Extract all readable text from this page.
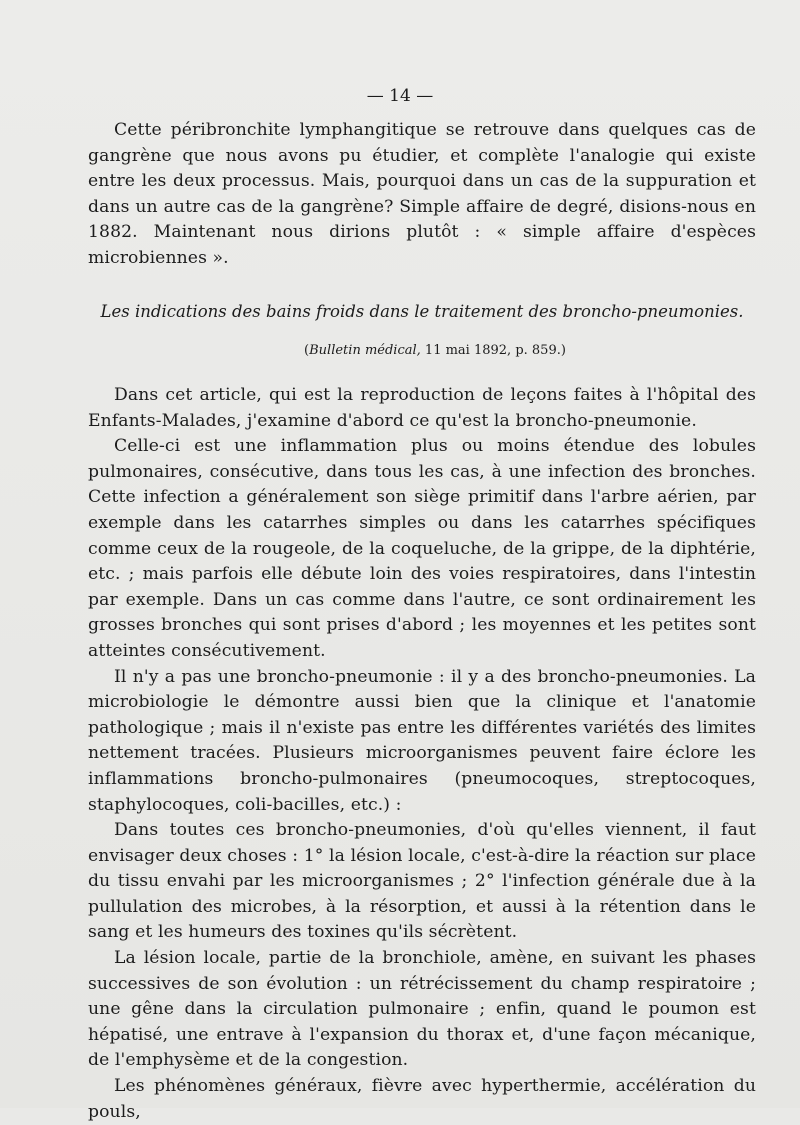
— 14 —

Cette péribronchite lymphangitique se retrouve dans quelques cas de gangrène que nous avons pu étudier, et complète l'analogie qui existe entre les deux processus. Mais, pourquoi dans un cas de la suppuration et dans un autre cas de la gangrène? Simple affaire de degré, disions-nous en 1882. Maintenant nous dirions plutôt : « simple affaire d'espèces microbiennes ».

Les indications des bains froids dans le traitement des broncho-pneumonies.
(Bulletin médical, 11 mai 1892, p. 859.)

Dans cet article, qui est la reproduction de leçons faites à l'hôpital des Enfants-Malades, j'examine d'abord ce qu'est la broncho-pneumonie.

Celle-ci est une inflammation plus ou moins étendue des lobules pulmonaires, consécutive, dans tous les cas, à une infection des bronches. Cette infection a généralement son siège primitif dans l'arbre aérien, par exemple dans les catarrhes simples ou dans les catarrhes spécifiques comme ceux de la rougeole, de la coqueluche, de la grippe, de la diphtérie, etc. ; mais parfois elle débute loin des voies respiratoires, dans l'intestin par exemple. Dans un cas comme dans l'autre, ce sont ordinairement les grosses bronches qui sont prises d'abord ; les moyennes et les petites sont atteintes consécutivement.

Il n'y a pas une broncho-pneumonie : il y a des broncho-pneumonies. La microbiologie le démontre aussi bien que la clinique et l'anatomie pathologique ; mais il n'existe pas entre les différentes variétés des limites nettement tracées. Plusieurs microorganismes peuvent faire éclore les inflammations broncho-pulmonaires (pneumocoques, streptocoques, staphylocoques, coli-bacilles, etc.) :

Dans toutes ces broncho-pneumonies, d'où qu'elles viennent, il faut envisager deux choses : 1° la lésion locale, c'est-à-dire la réaction sur place du tissu envahi par les microorganismes ; 2° l'infection générale due à la pullulation des microbes, à la résorption, et aussi à la rétention dans le sang et les humeurs des toxines qu'ils sécrètent.

La lésion locale, partie de la bronchiole, amène, en suivant les phases successives de son évolution : un rétrécissement du champ respiratoire ; une gêne dans la circulation pulmonaire ; enfin, quand le poumon est hépatisé, une entrave à l'expansion du thorax et, d'une façon mécanique, de l'emphysème et de la congestion.

Les phénomènes généraux, fièvre avec hyperthermie, accélération du pouls,
